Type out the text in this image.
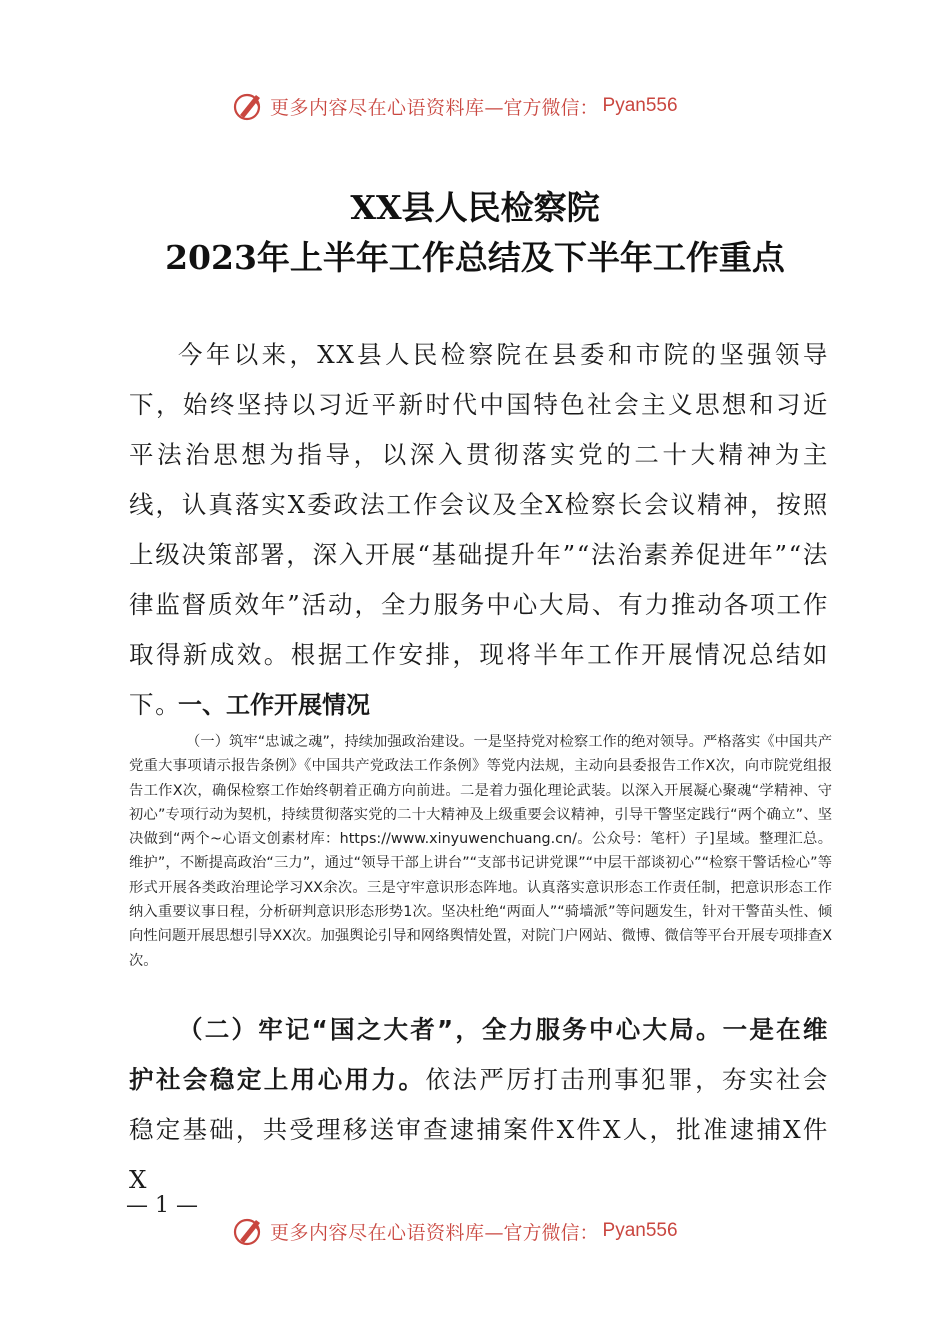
更多内容尽在心语资料库 —官方微信： Pyan556
XX县人民检察院
2023年上半年工作总结及下半年工作重点

今年以来，XX县人民检察院在县委和市院的坚强领导下，始终坚持以习近平新时代中国特色社会主义思想和习近平法治思想为指导，以深入贯彻落实党的二十大精神为主线，认真落实X委政法工作会议及全X检察长会议精神，按照上级决策部署，深入开展“基础提升年”“法治素养促进年”“法律监督质效年”活动，全力服务中心大局、有力推动各项工作取得新成效。根据工作安排，现将半年工作开展情况总结如下。

一、工作开展情况

（一）筑牢“忠诚之魂”，持续加强政治建设。一是坚持党对检察工作的绝对领导。严格落实《中国共产党重大事项请示报告条例》《中国共产党政法工作条例》等党内法规，主动向县委报告工作X次，向市院党组报告工作X次，确保检察工作始终朝着正确方向前进。二是着力强化理论武装。以深入开展凝心聚魂“学精神、守初心”专项行动为契机，持续贯彻落实党的二十大精神及上级重要会议精神，引导干警坚定践行“两个确立”、坚决做到“两个~心语文创素材库：https://www.xinyuwenchuang.cn/。公众号：笔杆）子]星域。整理汇总。维护”，不断提高政治“三力”，通过“领导干部上讲台”“支部书记讲党课”“中层干部谈初心”“检察干警话检心”等形式开展各类政治理论学习XX余次。三是守牢意识形态阵地。认真落实意识形态工作责任制，把意识形态工作纳入重要议事日程，分析研判意识形态形势1次。坚决杜绝“两面人”“骑墙派”等问题发生，针对干警苗头性、倾向性问题开展思想引导XX次。加强舆论引导和网络舆情处置，对院门户网站、微博、微信等平台开展专项排查X次。

（二）牢记“国之大者”，全力服务中心大局。一是在维护社会稳定上用心用力。依法严厉打击刑事犯罪，夯实社会稳定基础，共受理移送审查逮捕案件X件X人，批准逮捕X件X

— 1 —
更多内容尽在心语资料库 —官方微信： Pyan556
